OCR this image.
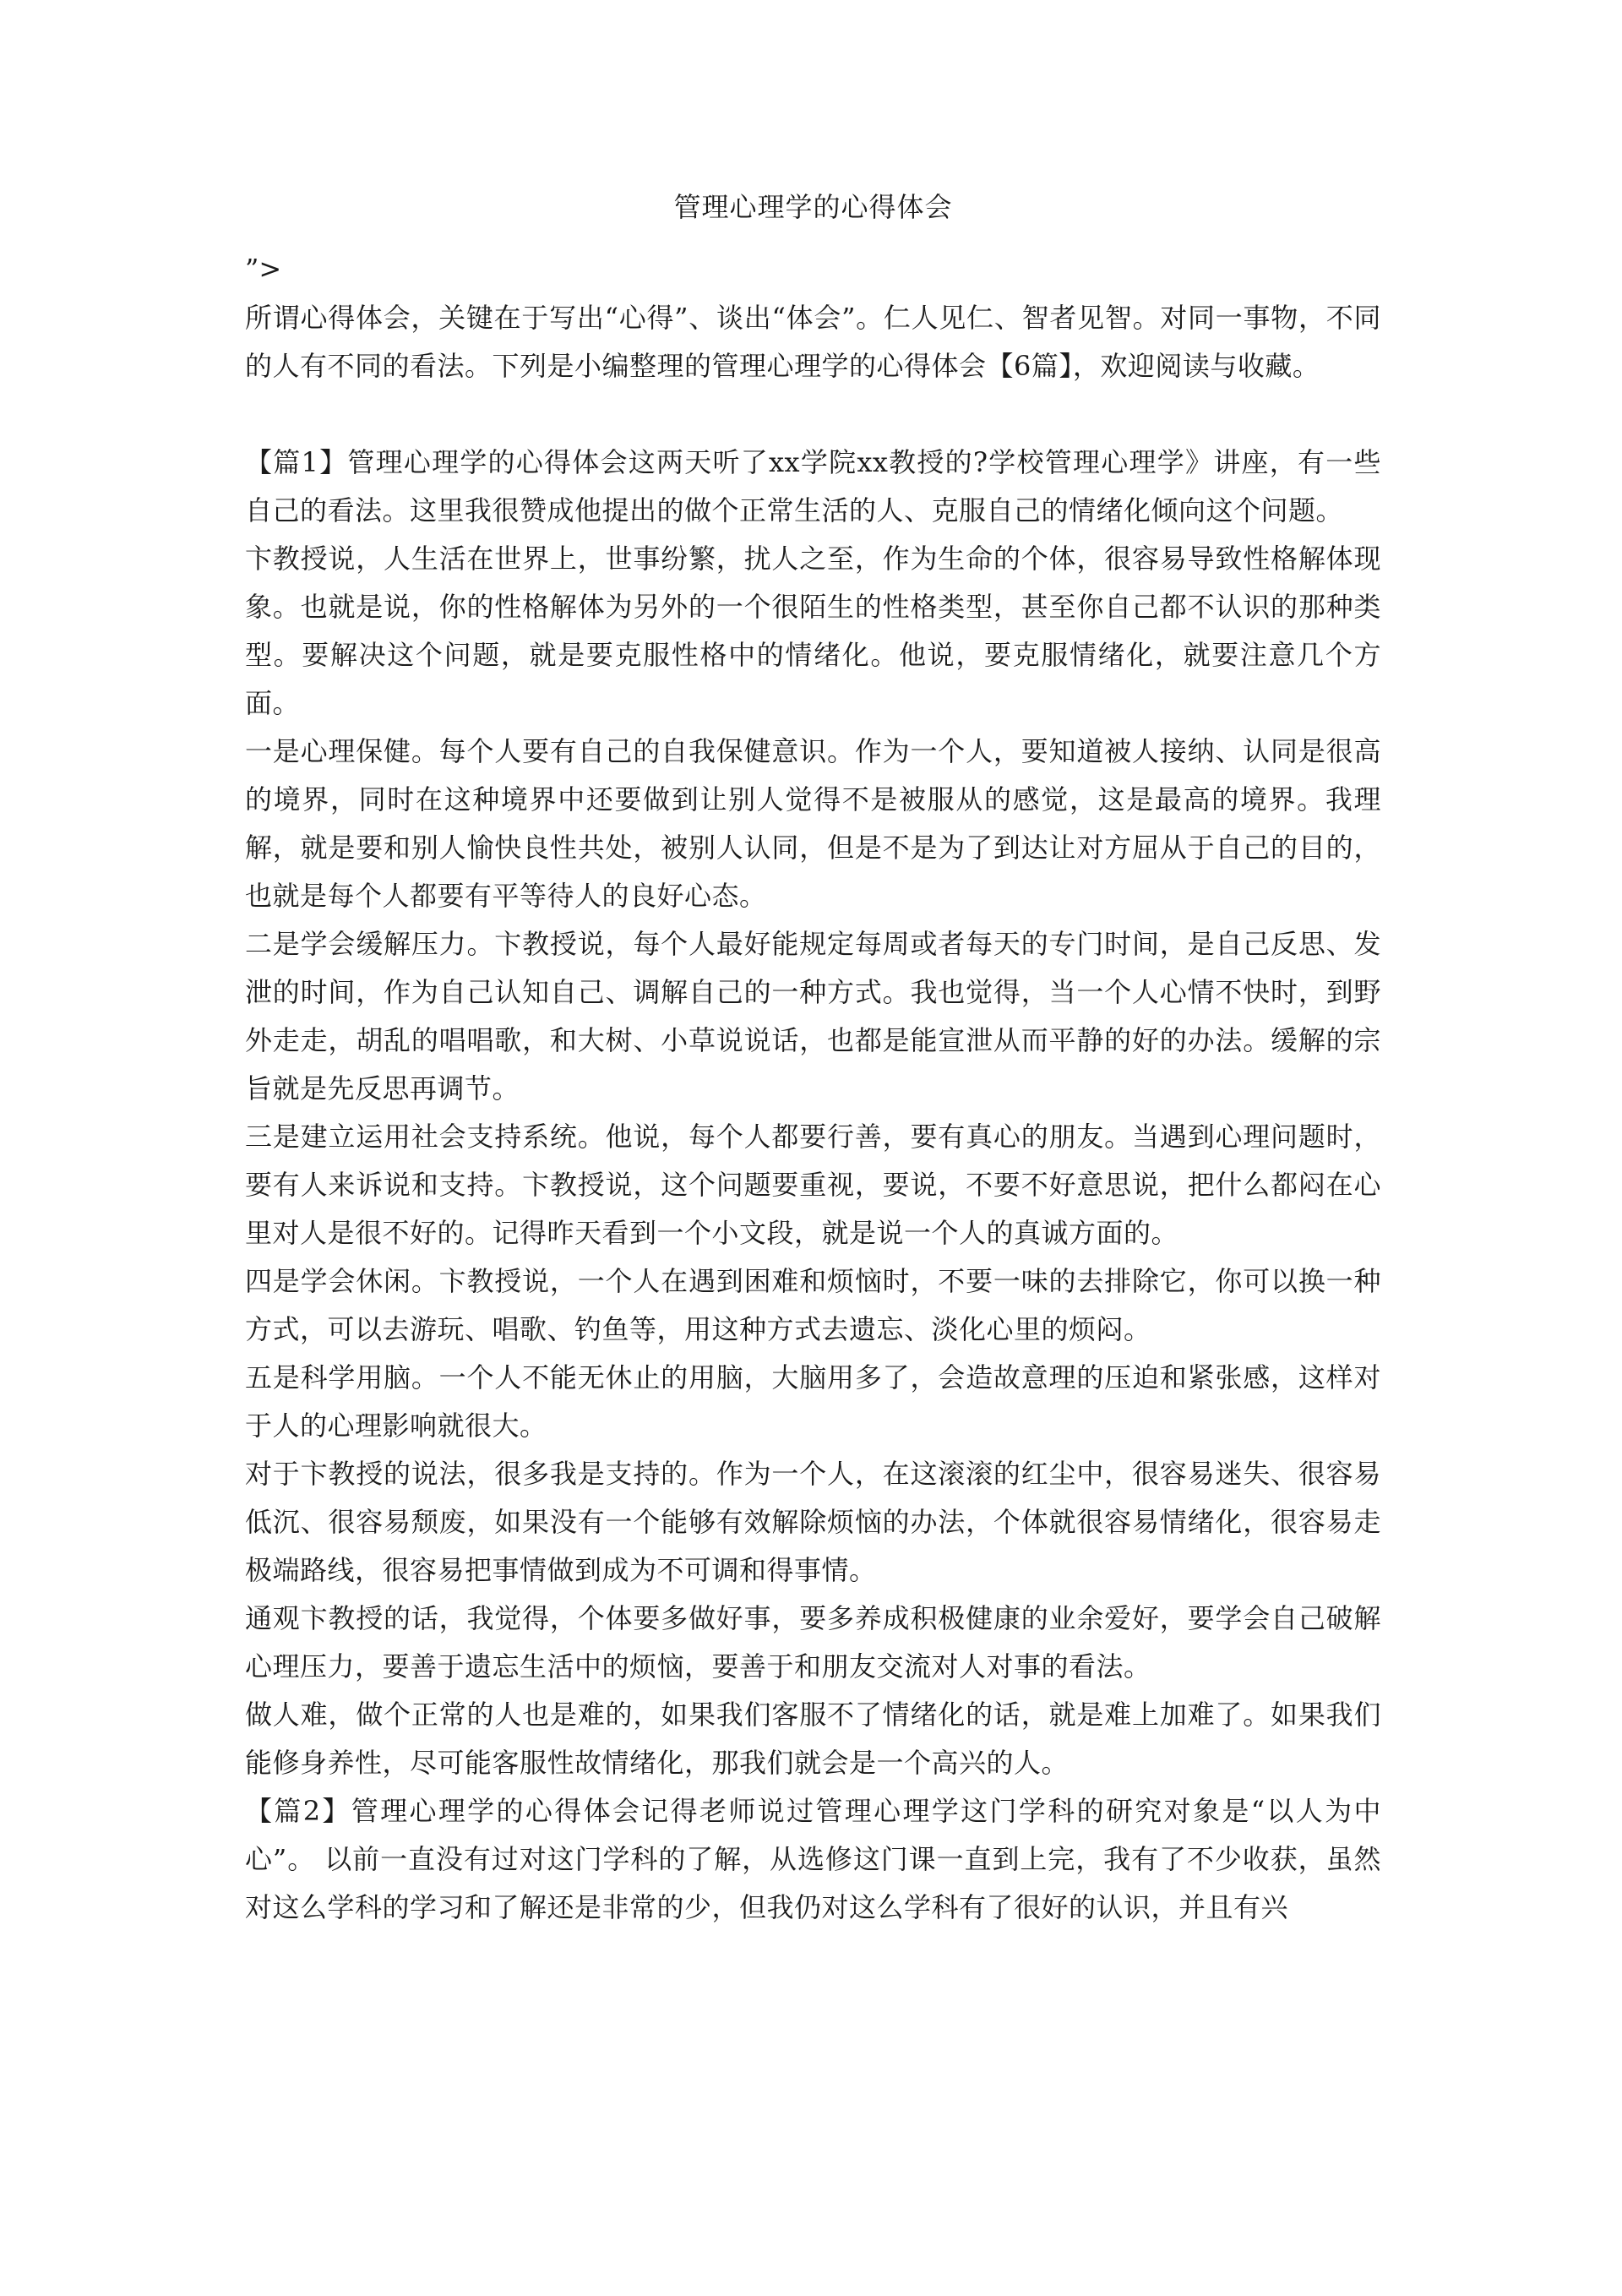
管理心理学的心得体会
”>

所谓心得体会，关键在于写出“心得”、谈出“体会”。仁人见仁、智者见智。对同一事物，不同的人有不同的看法。下列是小编整理的管理心理学的心得体会【6篇】，欢迎阅读与收藏。

【篇1】管理心理学的心得体会这两天听了xx学院xx教授的?学校管理心理学》讲座，有一些自己的看法。这里我很赞成他提出的做个正常生活的人、克服自己的情绪化倾向这个问题。

卞教授说，人生活在世界上，世事纷繁，扰人之至，作为生命的个体，很容易导致性格解体现象。也就是说，你的性格解体为另外的一个很陌生的性格类型，甚至你自己都不认识的那种类型。要解决这个问题，就是要克服性格中的情绪化。他说，要克服情绪化，就要注意几个方面。

一是心理保健。每个人要有自己的自我保健意识。作为一个人，要知道被人接纳、认同是很高的境界，同时在这种境界中还要做到让别人觉得不是被服从的感觉，这是最高的境界。我理解，就是要和别人愉快良性共处，被别人认同，但是不是为了到达让对方屈从于自己的目的，也就是每个人都要有平等待人的良好心态。

二是学会缓解压力。卞教授说，每个人最好能规定每周或者每天的专门时间，是自己反思、发泄的时间，作为自己认知自己、调解自己的一种方式。我也觉得，当一个人心情不快时，到野外走走，胡乱的唱唱歌，和大树、小草说说话，也都是能宣泄从而平静的好的办法。缓解的宗旨就是先反思再调节。

三是建立运用社会支持系统。他说，每个人都要行善，要有真心的朋友。当遇到心理问题时，要有人来诉说和支持。卞教授说，这个问题要重视，要说，不要不好意思说，把什么都闷在心里对人是很不好的。记得昨天看到一个小文段，就是说一个人的真诚方面的。

四是学会休闲。卞教授说，一个人在遇到困难和烦恼时，不要一味的去排除它，你可以换一种方式，可以去游玩、唱歌、钓鱼等，用这种方式去遗忘、淡化心里的烦闷。

五是科学用脑。一个人不能无休止的用脑，大脑用多了，会造故意理的压迫和紧张感，这样对于人的心理影响就很大。

对于卞教授的说法，很多我是支持的。作为一个人，在这滚滚的红尘中，很容易迷失、很容易低沉、很容易颓废，如果没有一个能够有效解除烦恼的办法，个体就很容易情绪化，很容易走极端路线，很容易把事情做到成为不可调和得事情。

通观卞教授的话，我觉得，个体要多做好事，要多养成积极健康的业余爱好，要学会自己破解心理压力，要善于遗忘生活中的烦恼，要善于和朋友交流对人对事的看法。

做人难，做个正常的人也是难的，如果我们客服不了情绪化的话，就是难上加难了。如果我们能修身养性，尽可能客服性故情绪化，那我们就会是一个高兴的人。

【篇2】管理心理学的心得体会记得老师说过管理心理学这门学科的研究对象是“以人为中心”。 以前一直没有过对这门学科的了解，从选修这门课一直到上完，我有了不少收获，虽然对这么学科的学习和了解还是非常的少，但我仍对这么学科有了很好的认识，并且有兴
